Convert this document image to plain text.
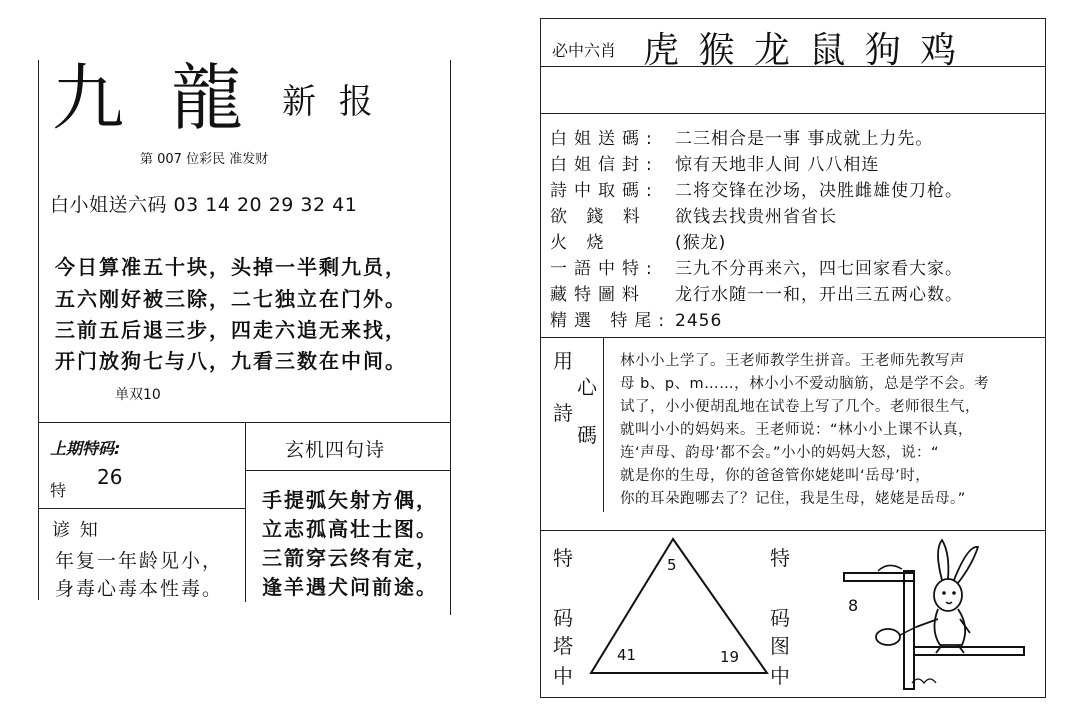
九 龍 新 报
第 007 位彩民 准发财
白小姐送六码 03 14 20 29 32 41
今日算准五十块，头掉一半剩九员，
五六刚好被三除，二七独立在门外。
三前五后退三步，四走六追无来找，
开门放狗七与八，九看三数在中间。
单双10
上期特码:
特
26
玄机四句诗
手提弧矢射方偶，
立志孤高壮士图。
三箭穿云终有定，
逢羊遇犬问前途。
谚 知
年复一年龄见小，
身毒心毒本性毒。
必中六肖 虎 猴 龙 鼠 狗 鸡
白姐送碼: 二三相合是一事 事成就上力先。
白姐信封: 惊有天地非人间 八八相连
詩中取碼: 二将交锋在沙场，决胜雌雄使刀枪。
欲 錢 料 欲钱去找贵州省省长
火 烧	(猴龙)
一語中特: 三九不分再来六，四七回家看大家。
藏特圖料 龙行水随一一和，开出三五两心数。
精選 特尾: 2456
用
心
詩
碼
林小小上学了。王老师教学生拼音。王老师先教写声
母 b、p、m……，林小小不爱动脑筋，总是学不会。考
试了，小小便胡乱地在试卷上写了几个。老师很生气，
就叫小小的妈妈来。王老师说：“林小小上课不认真，
连‘声母、韵母’都不会。”小小的妈妈大怒，说：“
就是你的生母，你的爸爸管你姥姥叫‘岳母’时，
你的耳朵跑哪去了？记住，我是生母，姥姥是岳母。”
特
码
塔
中
5
41	19
特
码
图
中
8
